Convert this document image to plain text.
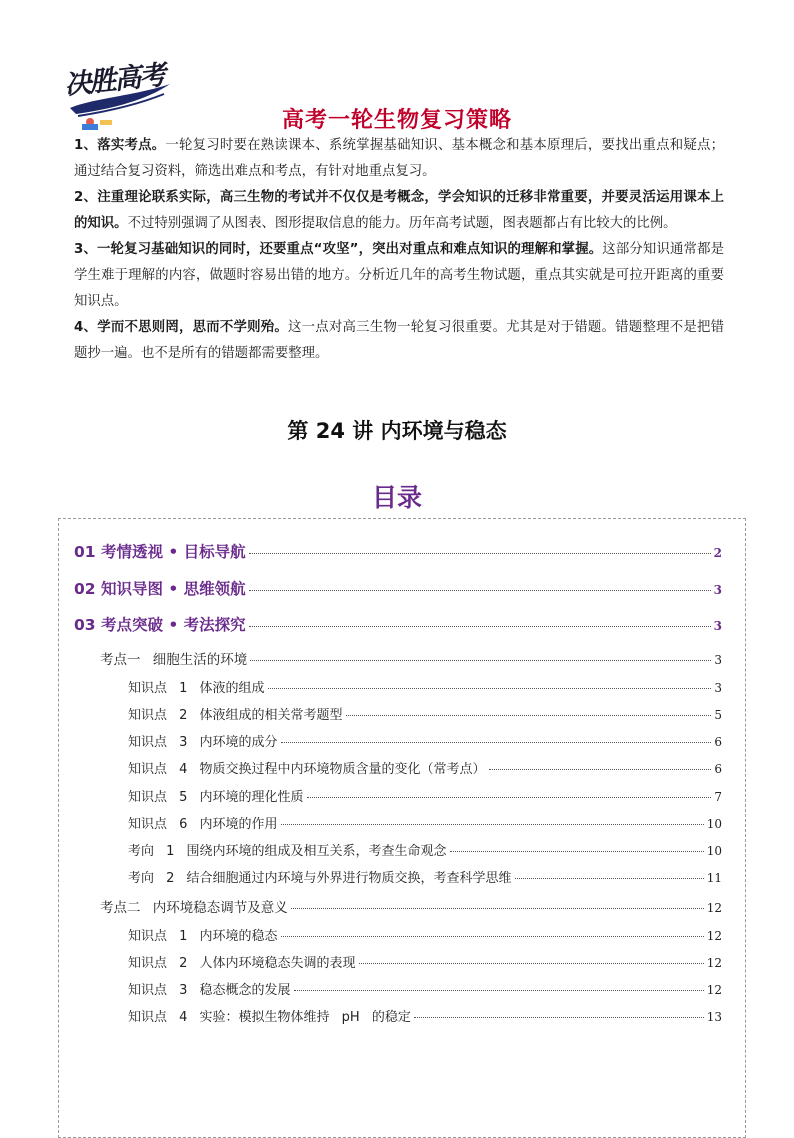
· · · ·
决胜高考
高考一轮生物复习策略

1、落实考点。一轮复习时要在熟读课本、系统掌握基础知识、基本概念和基本原理后，要找出重点和疑点；通过结合复习资料，筛选出难点和考点，有针对地重点复习。

2、注重理论联系实际，高三生物的考试并不仅仅是考概念，学会知识的迁移非常重要，并要灵活运用课本上的知识。不过特别强调了从图表、图形提取信息的能力。历年高考试题，图表题都占有比较大的比例。

3、一轮复习基础知识的同时，还要重点“攻坚”，突出对重点和难点知识的理解和掌握。这部分知识通常都是学生难于理解的内容，做题时容易出错的地方。分析近几年的高考生物试题，重点其实就是可拉开距离的重要知识点。

4、学而不思则罔，思而不学则殆。这一点对高三生物一轮复习很重要。尤其是对于错题。错题整理不是把错题抄一遍。也不是所有的错题都需要整理。

第 24 讲 内环境与稳态
目录
01 考情透视 • 目标导航	2
02 知识导图 • 思维领航	3
03 考点突破 • 考法探究	3
考点一 细胞生活的环境	3
知识点 1 体液的组成	3
知识点 2 体液组成的相关常考题型	5
知识点 3 内环境的成分	6
知识点 4 物质交换过程中内环境物质含量的变化（常考点）	6
知识点 5 内环境的理化性质	7
知识点 6 内环境的作用	10
考向 1 围绕内环境的组成及相互关系，考查生命观念	10
考向 2 结合细胞通过内环境与外界进行物质交换，考查科学思维	11
考点二 内环境稳态调节及意义	12
知识点 1 内环境的稳态	12
知识点 2 人体内环境稳态失调的表现	12
知识点 3 稳态概念的发展	12
知识点 4 实验：模拟生物体维持 pH 的稳定	13
